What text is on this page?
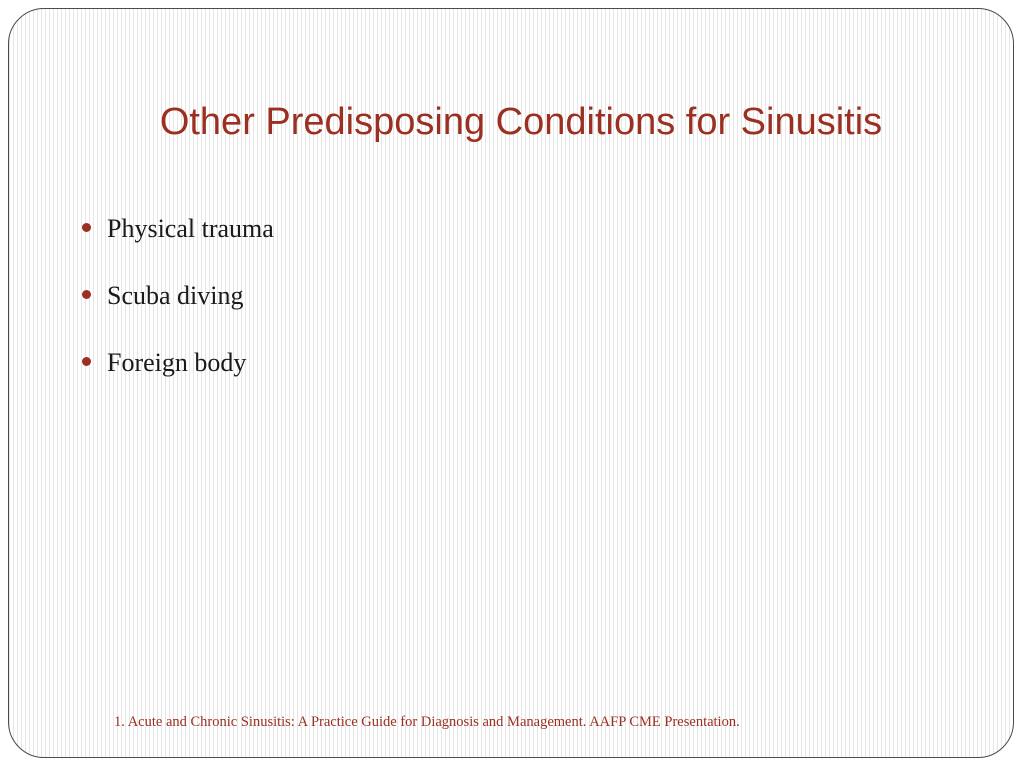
Other Predisposing Conditions for Sinusitis
Physical trauma
Scuba diving
Foreign body
1. Acute and Chronic Sinusitis: A Practice Guide for Diagnosis and Management. AAFP CME Presentation.
